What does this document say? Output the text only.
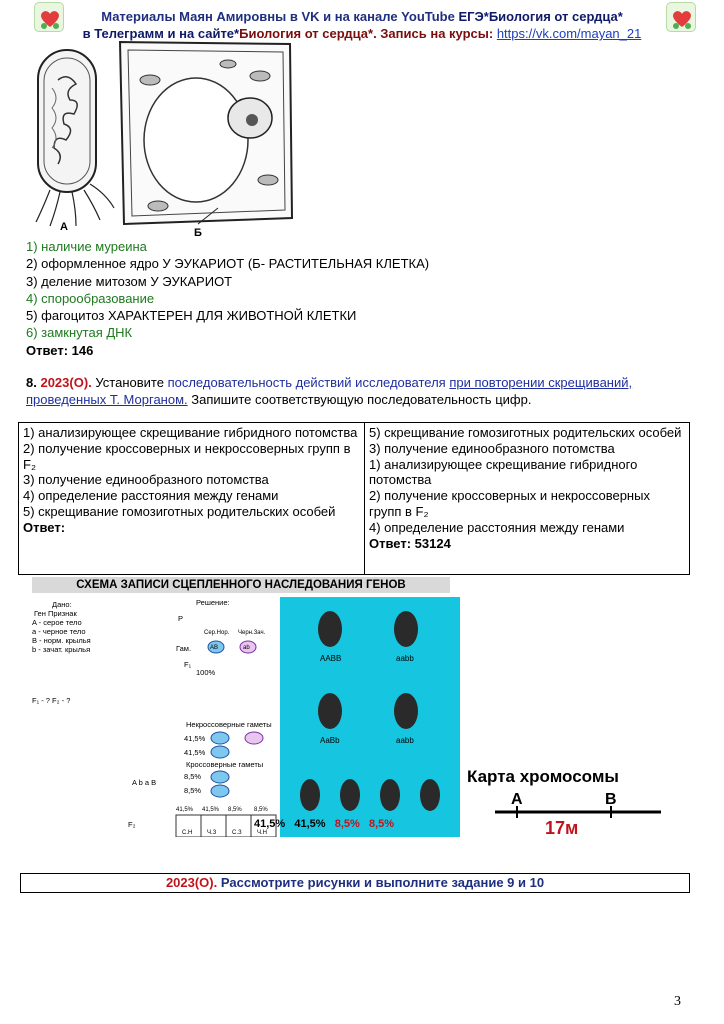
Материалы Маян Амировны в VK и на канале YouTube ЕГЭ*Биология от сердца*
в Телеграмм и на сайте*Биология от сердца*. Запись на курсы: https://vk.com/mayan_21
А	Б
1) наличие муреина
2) оформленное ядро У ЭУКАРИОТ (Б- РАСТИТЕЛЬНАЯ КЛЕТКА)
3) деление митозом У ЭУКАРИОТ
4) спорообразование
5) фагоцитоз ХАРАКТЕРЕН ДЛЯ ЖИВОТНОЙ КЛЕТКИ
6) замкнутая ДНК
Ответ: 146
8. 2023(О). Установите последовательность действий исследователя при повторении скрещиваний, проведенных Т. Морганом. Запишите соответствующую последовательность цифр.
1) анализирующее скрещивание гибридного потомства
2) получение кроссоверных и некроссоверных групп в F₂
3) получение единообразного потомства
4) определение расстояния между генами
5) скрещивание гомозиготных родительских особей
Ответ:
5) скрещивание гомозиготных родительских особей
3) получение единообразного потомства
1) анализирующее скрещивание гибридного потомства
2) получение кроссоверных и некроссоверных групп в F₂
4) определение расстояния между генами
Ответ: 53124
СХЕМА ЗАПИСИ СЦЕПЛЕННОГО НАСЛЕДОВАНИЯ ГЕНОВ
Дано:
Ген Признак
A - серое тело
a - черное тело
B - норм. крылья
b - зачат. крылья
F₁ - ? F₂ - ?
Решение:
P
Сер.Нор. Черн.Зач.
Гам.	AB	ab
F₁
100%
Некроссоверные гаметы
41,5%
41,5%
Кроссоверные гаметы
8,5%
8,5%
A b a B
F₂
41,5% 41,5% 8,5% 8,5%
С.Н Ч.З	С.З	Ч.Н
AABB	aabb
AaBb	aabb
41,5% 41,5% 8,5% 8,5%
Карта хромосомы
A	B
17м
2023(О). Рассмотрите рисунки и выполните задание 9 и 10
3
